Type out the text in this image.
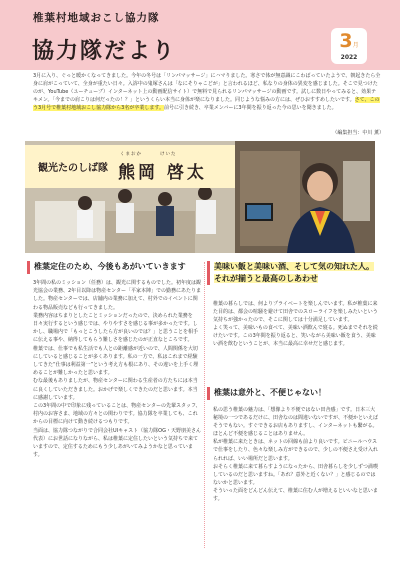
椎葉村地域おこし協力隊
協力隊だより	3月
2022
3月に入り、ぐっと暖かくなってきました。今年の冬号は「リンパマッサージ」にハマりました。寒さで体が無意識にこわばっていたようで、朝起きたら全身に肩がこっていて、全身が重たい日々。入浴中の鬼塚さんは「なにそりゃこどが」と言われるほど、私なりの身体の異変を感じました。そこで見つけたのが、YouTube（ユーチューブ）インターネット上の動画配信サイト）で無料で見られるリンパマッサージの動画です。試しに数日やってみると、効果テキメン。「今までの肩こりは何だったの！？」というくらい本当に身体が楽になりました。同じような悩みの方には、ぜひおすすめしたいです。さて、このう3月号で椎葉村地域おこし協力隊から3名が卒業します。前号に引き続き、卒業メンバーに3年間を振り返った今の思いを聞きました。
（編集担当：中川 薫）
観光たのしば隊
くまおか	けいた
熊岡 啓太
椎葉定住のため、今後もあがいていきます

3年間の私のミッション（任務）は、観光に関するものでした。初年度は観光協会の業務、2年目以降は物産センター「平家本陣」での勤務にあたりました。物産センターでは、店舗内の業務に加えて、村外でのイベントに関わる物品販売なども行ってきました。

業務内容はちまりとしたことミッションだったので、決められた業務を日々実行するという感じでは、やりやすさを感じる事が多かったです。しかし、職場内で「もっとこうしたら方が良いのでは？」と思うことを相手に伝える事や、納得してもらう難しさを感じたのが正直なところです。

椎葉では、仕事でも私生活でも人との距離感が近いので、人間関係を大切にしていると感じることが多くあります。私の一方で、私はこれまで経験してきた“仕事は利益第一”という考え方も根にあり、その違いを上手く埋めることが難しかったと思います。

むな最後もありましたが、物産センターに関わる生産者の方たちには本当に良くしていただきました。おかげで楽しくできたのだと思います。本当に感謝しています。

この3年間の中で印象に残っていることは、物産センターの先輩スタッフ、村内のお客さま、地域の方々との関わりです。協力隊を卒業しても、これからの目標に向けて動き続けるつもりです。

当面は、協力隊つながりで合同会社UIキャスト（協力隊OG・天野朋美さん代表）にお世話になりながら、私は椎葉に定住したいという気持ちで来ていますので、定住するためにもう少しあがいてみようかなと思っています。

美味い飯と美味い酒、そして気の知れた人。
それが揃うと最高のしあわせ

椎葉の暮らしでは、何よりプライベートを楽しんでいます。私が椎葉に来た目的は、都会の喧騒を避けて田舎でのスローライフを楽しみたいという気持ちが強かったので、そこに関しては十分満足しています。

よく笑って、美味いもの食べて、美味い酒飲んで寝る。死ぬまでそれを続けたいです。この3年間を振り返ると、笑いながら美味い飯を食う、美味い酒を飲むということが、本当に最高に幸せだと感じます。

椎葉は意外と、不便じゃない！

私の思う椎葉の魅力は、「想像より不便ではない田舎感」です。日本三大秘境の一つであるだけに、田舎なのは間違いないですが、不便かといえばそうでもない。すぐできるお店もありますし、インターネットも繋がる。ほとんど不便を感じることはありません。

私が椎葉に来たときは、ネットの回線も前より良いです。ビニールハウスで仕事をしたり、色々な楽しみ方ができるので、少しの不便さえ受け入れられれば、いい場所だと思います。

おそらく椎葉に来て暮らすようになったから、田舎暮らしを少しずつ満喫しているのだと思いますね。「あれ？意外と近くない？」と感じるのではないかと思います。

そういった面をどんどん伝えて、椎葉に住む人が増えるといいなと思います。
